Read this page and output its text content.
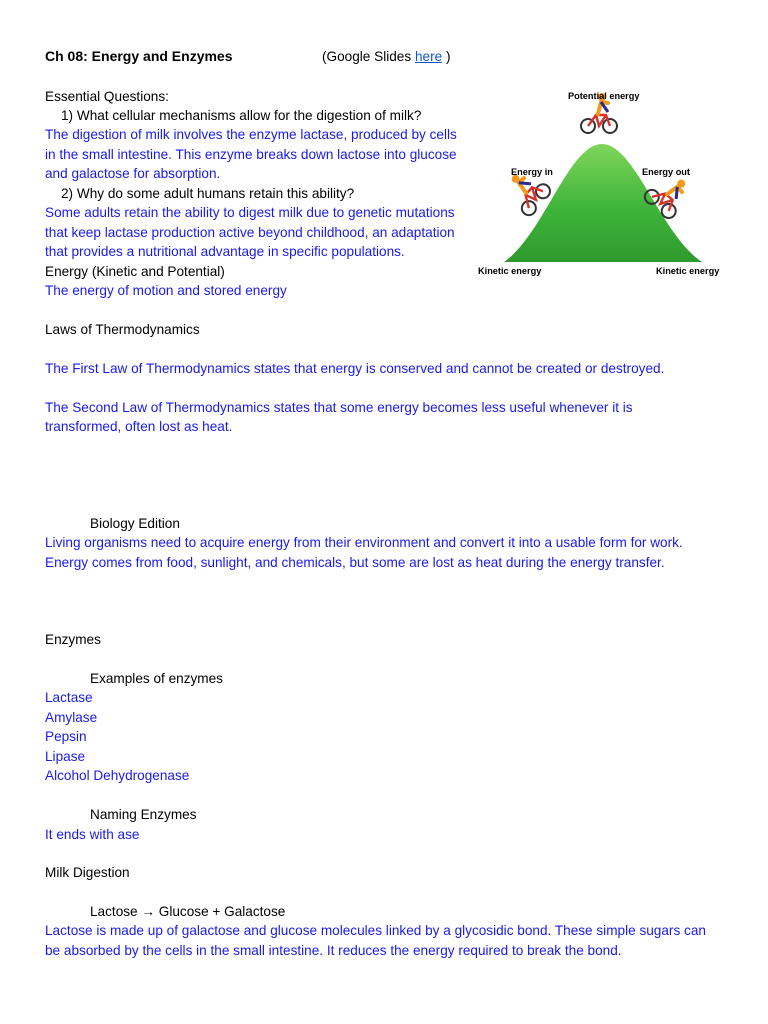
Ch 08: Energy and Enzymes	(Google Slides here )
Essential Questions:
1) What cellular mechanisms allow for the digestion of milk?
The digestion of milk involves the enzyme lactase, produced by cells
in the small intestine. This enzyme breaks down lactose into glucose
and galactose for absorption.
2) Why do some adult humans retain this ability?
Some adults retain the ability to digest milk due to genetic mutations
that keep lactase production active beyond childhood, an adaptation
that provides a nutritional advantage in specific populations.
Energy (Kinetic and Potential)
The energy of motion and stored energy
Potential energy
Energy in	Energy out
Kinetic energy	Kinetic energy
Laws of Thermodynamics
The First Law of Thermodynamics states that energy is conserved and cannot be created or destroyed.
The Second Law of Thermodynamics states that some energy becomes less useful whenever it is
transformed, often lost as heat.
Biology Edition
Living organisms need to acquire energy from their environment and convert it into a usable form for work.
Energy comes from food, sunlight, and chemicals, but some are lost as heat during the energy transfer.
Enzymes
Examples of enzymes
Lactase
Amylase
Pepsin
Lipase
Alcohol Dehydrogenase
Naming Enzymes
It ends with ase
Milk Digestion
Lactose → Glucose + Galactose
Lactose is made up of galactose and glucose molecules linked by a glycosidic bond. These simple sugars can
be absorbed by the cells in the small intestine. It reduces the energy required to break the bond.
